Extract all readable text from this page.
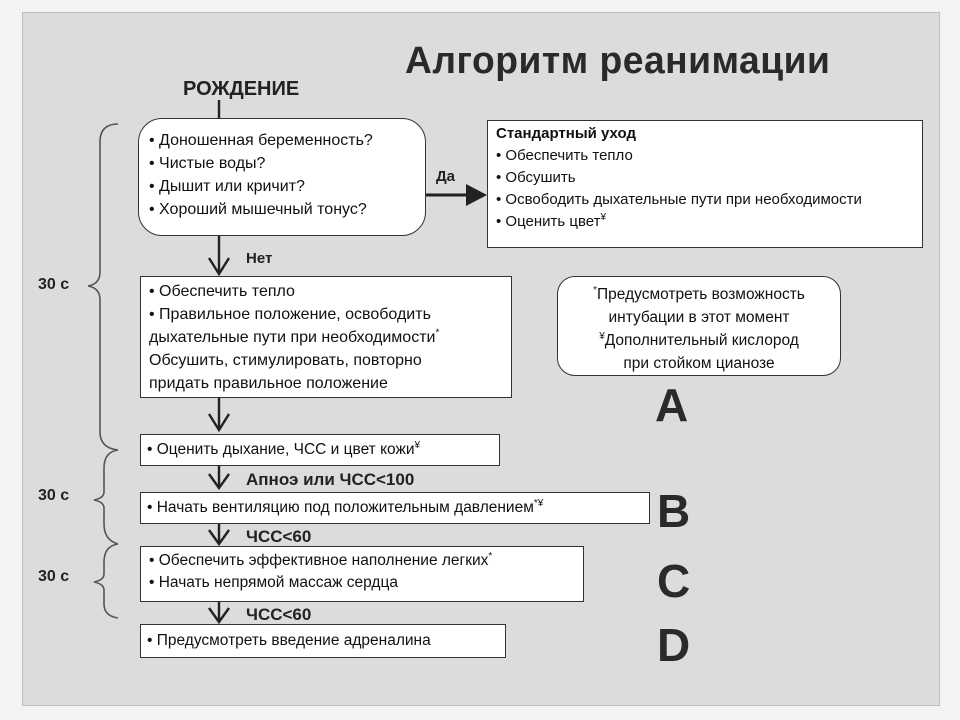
Алгоритм реанимации
РОЖДЕНИЕ
• Доношенная беременность?
• Чистые воды?
• Дышит или кричит?
• Хороший мышечный тонус?
Да
Нет
Стандартный уход
• Обеспечить тепло
• Обсушить
• Освободить дыхательные пути при необходимости
• Оценить цвет¥
• Обеспечить тепло
• Правильное положение, освободить
дыхательные пути при необходимости*
Обсушить, стимулировать, повторно
придать правильное положение
*Предусмотреть возможность
интубации в этот момент
¥Дополнительный кислород
при стойком цианозе
A
• Оценить дыхание, ЧСС и цвет кожи¥
Апноэ или ЧСС<100
• Начать вентиляцию под положительным давлением*¥	B
ЧСС<60
• Обеспечить эффективное наполнение легких*
• Начать непрямой массаж сердца	C
ЧСС<60
• Предусмотреть введение адреналина	D
30 с
30 с
30 с
